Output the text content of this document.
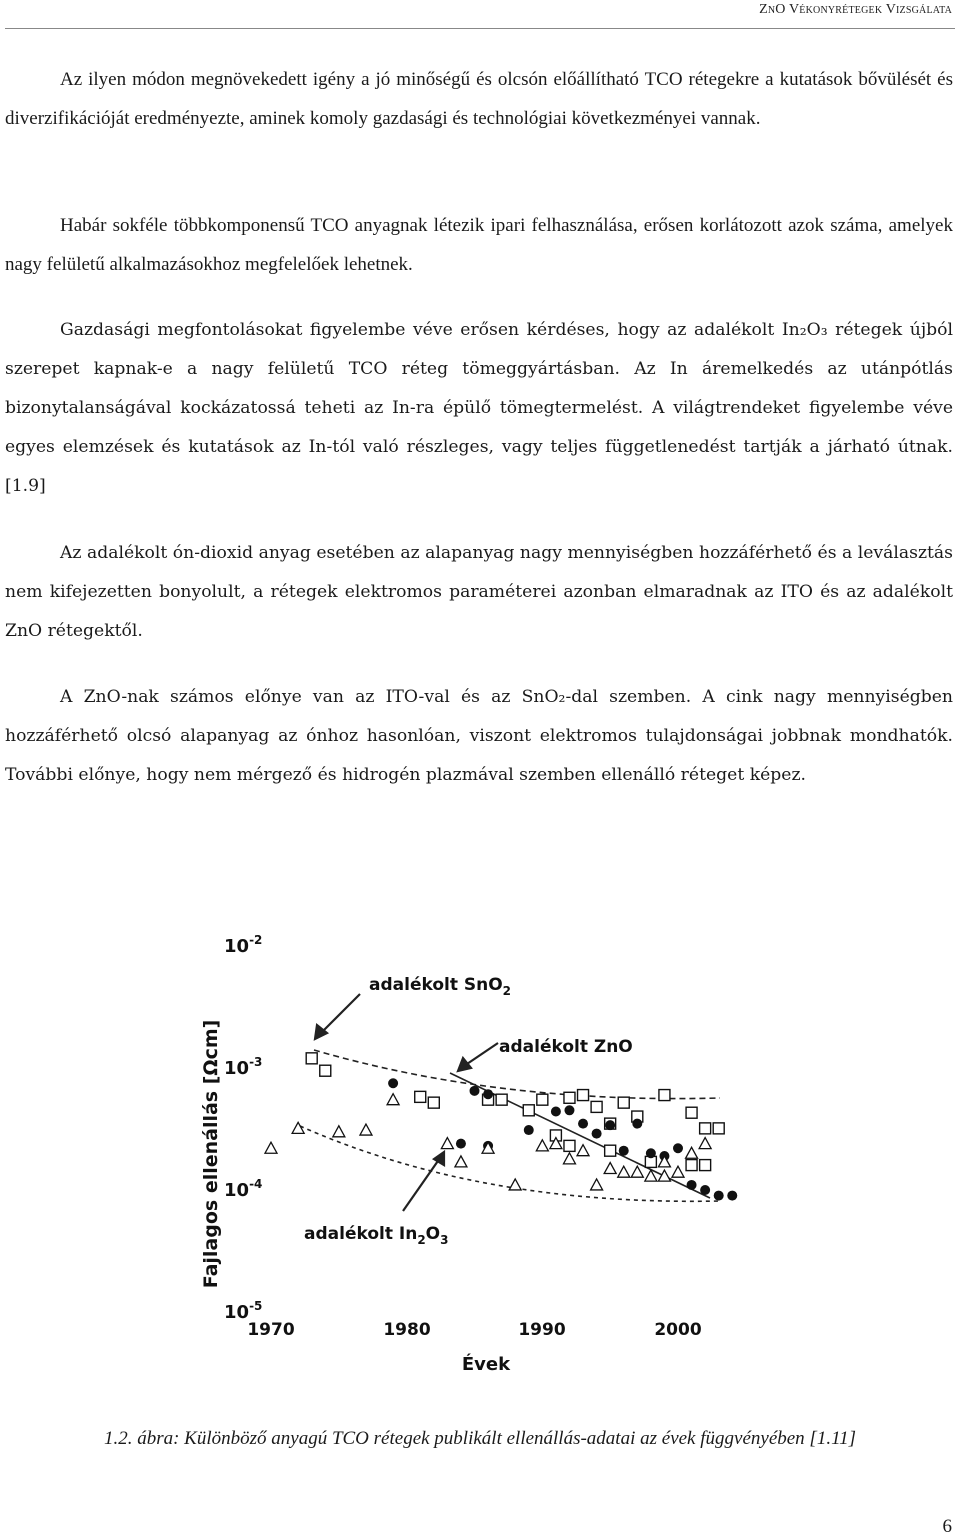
ZnO Vékonyrétegek Vizsgálata

Az ilyen módon megnövekedett igény a jó minőségű és olcsón előállítható TCO rétegekre a kutatások bővülését és diverzifikációját eredményezte, aminek komoly gazdasági és technológiai következményei vannak.

Habár sokféle többkomponensű TCO anyagnak létezik ipari felhasználása, erősen korlátozott azok száma, amelyek nagy felületű alkalmazásokhoz megfelelőek lehetnek.

Gazdasági megfontolásokat figyelembe véve erősen kérdéses, hogy az adalékolt In₂O₃ rétegek újból szerepet kapnak-e a nagy felületű TCO réteg tömeggyártásban. Az In áremelkedés az utánpótlás bizonytalanságával kockázatossá teheti az In-ra épülő tömegtermelést. A világtrendeket figyelembe véve egyes elemzések és kutatások az In-tól való részleges, vagy teljes függetlenedést tartják a járható útnak. [1.9]

Az adalékolt ón-dioxid anyag esetében az alapanyag nagy mennyiségben hozzáférhető és a leválasztás nem kifejezetten bonyolult, a rétegek elektromos paraméterei azonban elmaradnak az ITO és az adalékolt ZnO rétegektől.

A ZnO-nak számos előnye van az ITO-val és az SnO₂-dal szemben. A cink nagy mennyiségben hozzáférhető olcsó alapanyag az ónhoz hasonlóan, viszont elektromos tulajdonságai jobbnak mondhatók. További előnye, hogy nem mérgező és hidrogén plazmával szemben ellenálló réteget képez.

$10^{-2}$
$10^{-3}$
$10^{-4}$
$10^{-5}$
1970	1980	1990	2000
Évek
Fajlagos ellenállás [Ωcm]
adalékolt SnO$_2$
adalékolt ZnO
adalékolt $In_2O_3$
1.2. ábra: Különböző anyagú TCO rétegek publikált ellenállás-adatai az évek függvényében [1.11]
6
